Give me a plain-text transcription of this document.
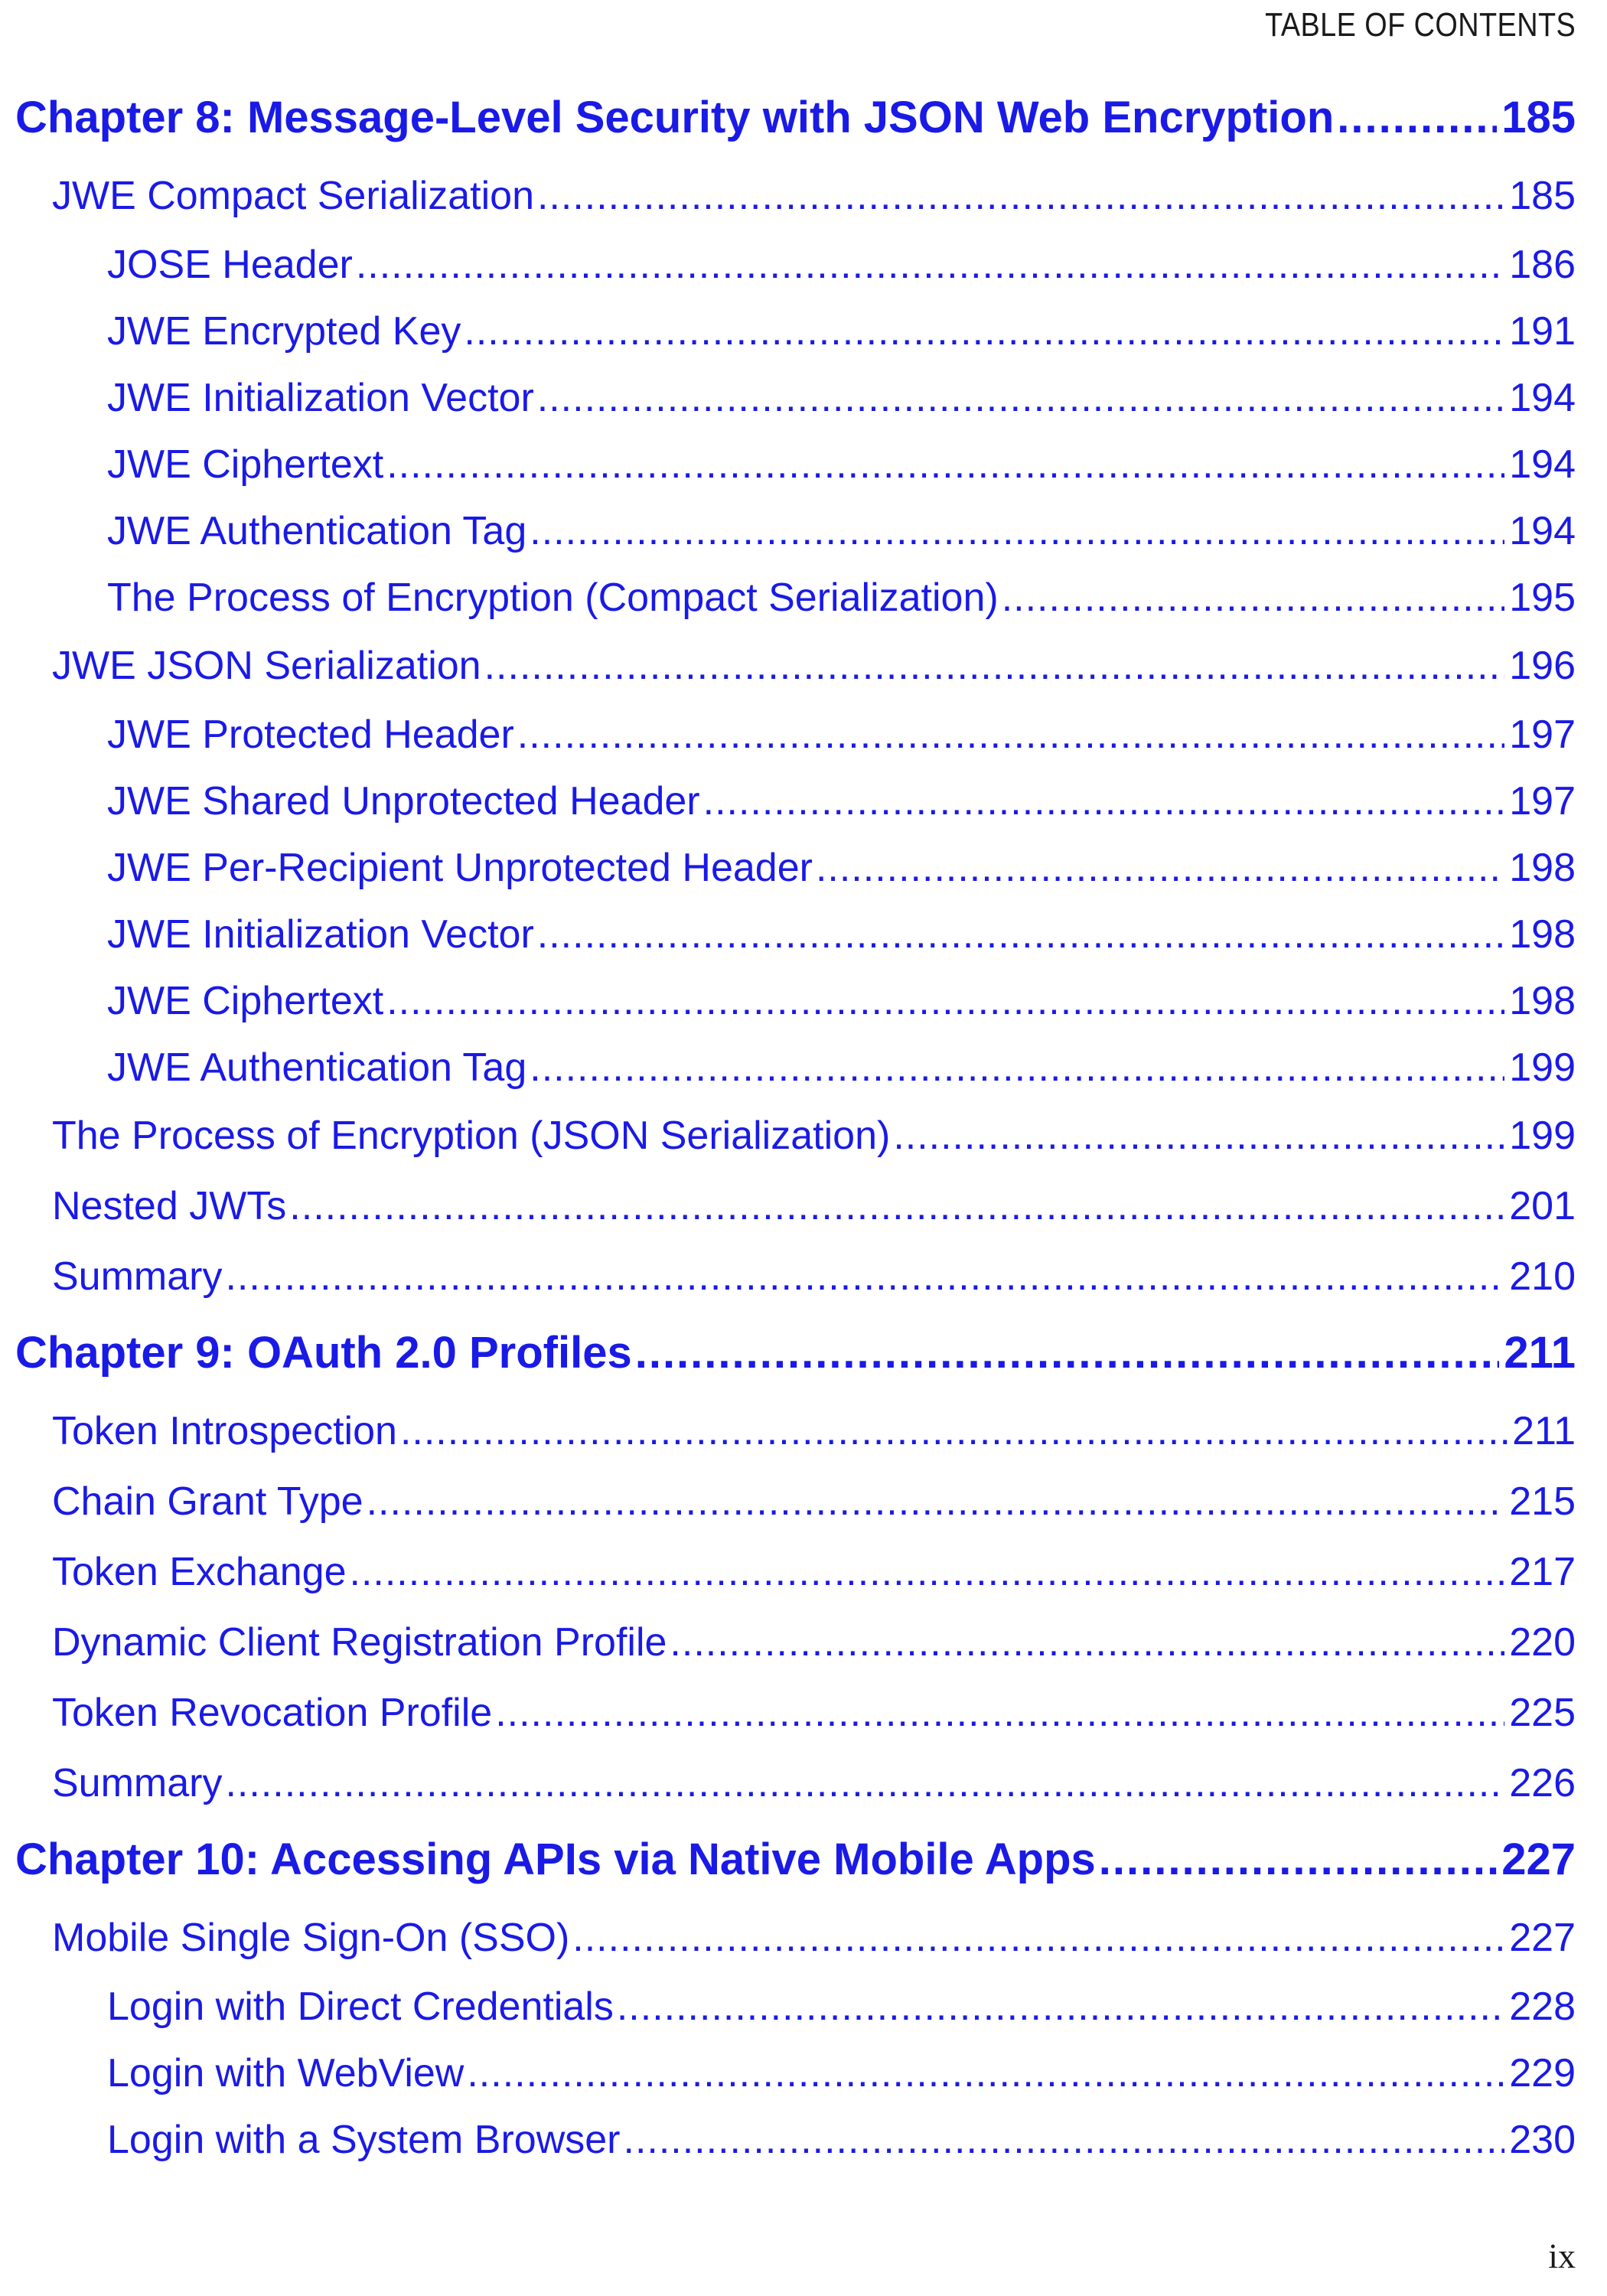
TABLE OF CONTENTS
Chapter 8: Message-Level Security with JSON Web Encryption .....	185
JWE Compact Serialization .....	185
JOSE Header .....	186
JWE Encrypted Key .....	191
JWE Initialization Vector .....	194
JWE Ciphertext .....	194
JWE Authentication Tag .....	194
The Process of Encryption (Compact Serialization) .....	195
JWE JSON Serialization .....	196
JWE Protected Header .....	197
JWE Shared Unprotected Header .....	197
JWE Per-Recipient Unprotected Header .....	198
JWE Initialization Vector .....	198
JWE Ciphertext .....	198
JWE Authentication Tag .....	199
The Process of Encryption (JSON Serialization) .....	199
Nested JWTs .....	201
Summary .....	210
Chapter 9: OAuth 2.0 Profiles .....	211
Token Introspection .....	211
Chain Grant Type .....	215
Token Exchange .....	217
Dynamic Client Registration Profile .....	220
Token Revocation Profile .....	225
Summary .....	226
Chapter 10: Accessing APIs via Native Mobile Apps .....	227
Mobile Single Sign-On (SSO) .....	227
Login with Direct Credentials .....	228
Login with WebView .....	229
Login with a System Browser .....	230
ix
